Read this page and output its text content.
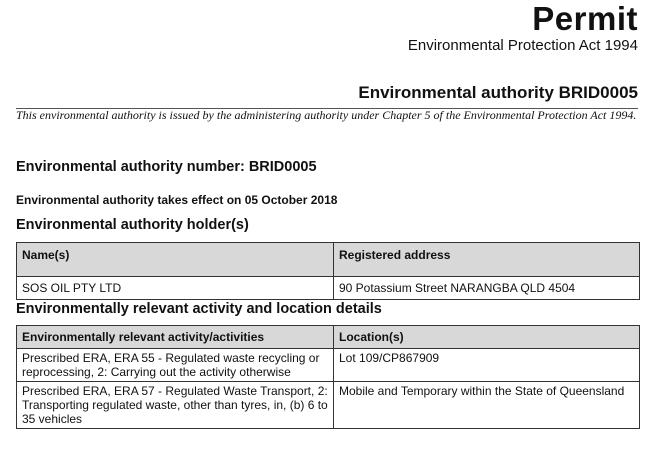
Permit
Environmental Protection Act 1994
Environmental authority BRID0005
This environmental authority is issued by the administering authority under Chapter 5 of the Environmental Protection Act 1994.
Environmental authority number: BRID0005
Environmental authority takes effect on 05 October 2018
Environmental authority holder(s)
Name(s)	Registered address
SOS OIL PTY LTD	90 Potassium Street NARANGBA QLD 4504
Environmentally relevant activity and location details
Environmentally relevant activity/activities	Location(s)
Prescribed ERA, ERA 55 - Regulated waste recycling or reprocessing, 2: Carrying out the activity otherwise	Lot 109/CP867909
Prescribed ERA, ERA 57 - Regulated Waste Transport, 2: Transporting regulated waste, other than tyres, in, (b) 6 to 35 vehicles	Mobile and Temporary within the State of Queensland
